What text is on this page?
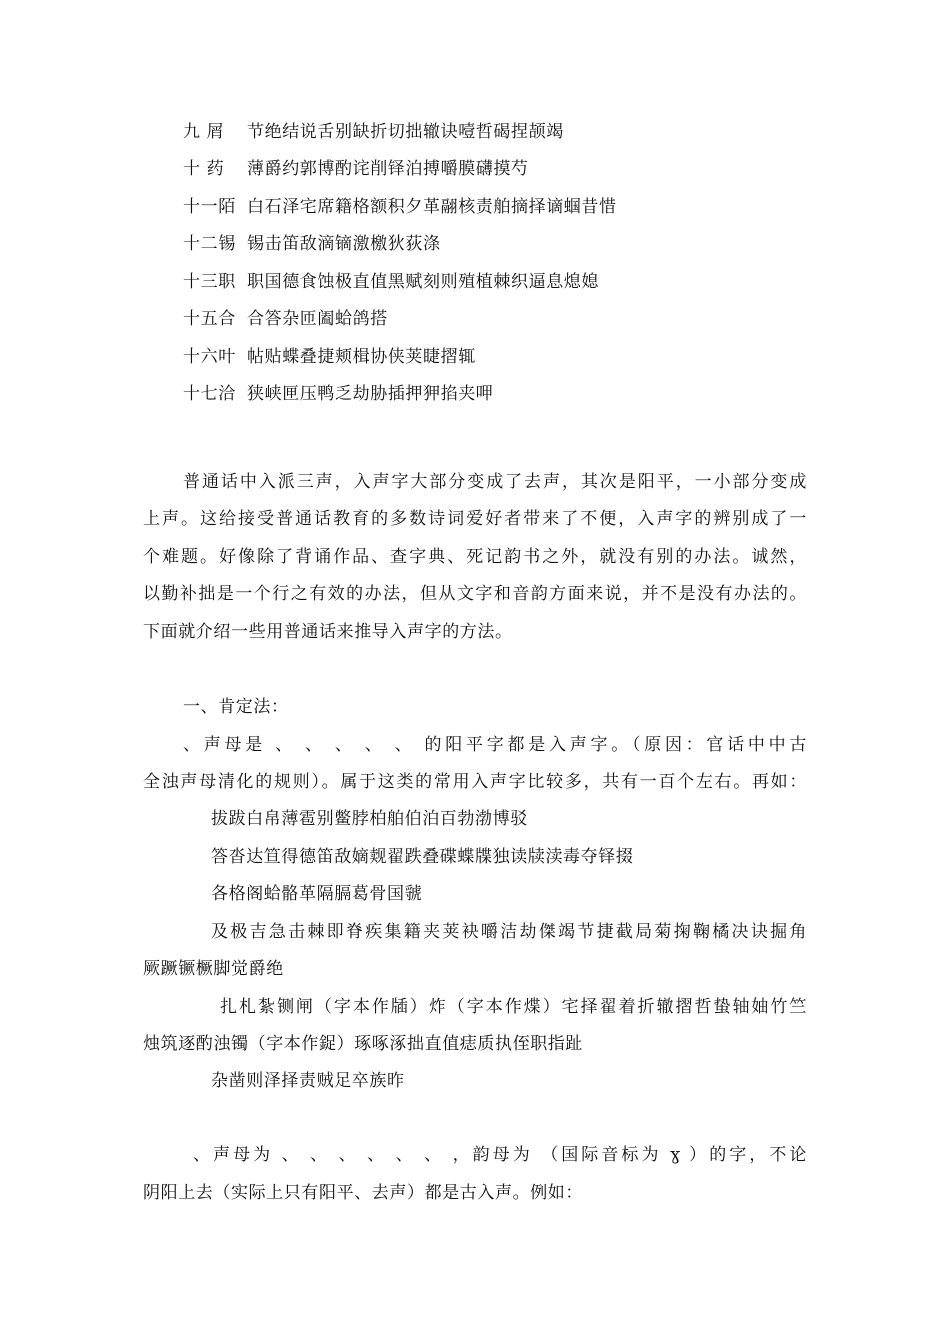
九 屑 节绝结说舌别缺折切拙辙诀噎哲碣捏颉竭
十 药 薄爵约郭博酌诧削铎泊搏嚼膜礴摸芍
十一陌 白石泽宅席籍格额积夕革翮核责舶摘择谪蝈昔惜
十二锡 锡击笛敌滴镝激檄狄荻涤
十三职 职国德食蚀极直值黑赋刻则殖植棘织逼息熄媳
十五合 合答杂匝阖蛤鸽搭
十六叶 帖贴蝶叠捷颊楫协侠荚睫摺辄
十七洽 狭峡匣压鸭乏劫胁插押狎掐夹呷
普通话中入派三声，入声字大部分变成了去声，其次是阳平，一小部分变成
上声。这给接受普通话教育的多数诗词爱好者带来了不便，入声字的辨别成了一
个难题。好像除了背诵作品、查字典、死记韵书之外，就没有别的办法。诚然，
以勤补拙是一个行之有效的办法，但从文字和音韵方面来说，并不是没有办法的。
下面就介绍一些用普通话来推导入声字的方法。
一、肯定法：
、声母是 、 、 、 、 、 的阳平字都是入声字。（原因：官话中中古
全浊声母清化的规则）。属于这类的常用入声字比较多，共有一百个左右。再如：
拔跋白帛薄雹别鳖脖柏舶伯泊百勃渤博驳
答沓达笪得德笛敌嫡觌翟跌叠碟蝶牒独读牍渎毒夺铎掇
各格阁蛤骼革隔膈葛骨国虢
及极吉急击棘即脊疾集籍夹荚袂嚼洁劫傑竭节捷截局菊掬鞠橘决诀掘角
厥蹶镢橛脚觉爵绝
扎札紮铡闸（字本作牐）炸（字本作煠）宅择翟着折辙摺哲蛰轴妯竹竺
烛筑逐酌浊镯（字本作鋜）琢啄涿拙直值痣质执侄职指趾
杂凿则泽择责贼足卒族昨
、声母为 、 、 、 、 、 、 ，韵母为 （国际音标为 ɣ ）的字，不论
阴阳上去（实际上只有阳平、去声）都是古入声。例如：
